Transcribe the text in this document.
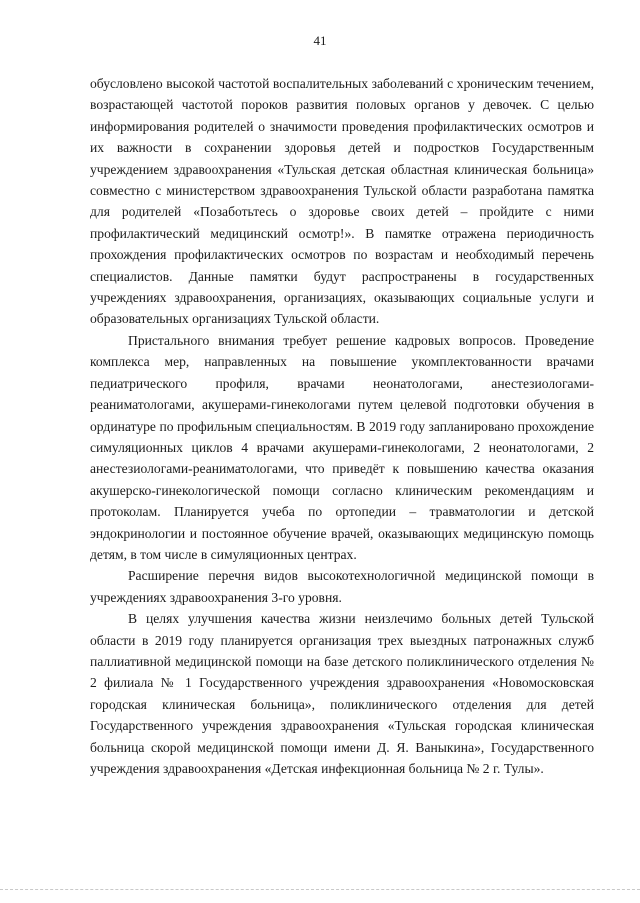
41

обусловлено высокой частотой воспалительных заболеваний с хроническим течением, возрастающей частотой пороков развития половых органов у девочек. С целью информирования родителей о значимости проведения профилактических осмотров и их важности в сохранении здоровья детей и подростков Государственным учреждением здравоохранения «Тульская детская областная клиническая больница» совместно с министерством здравоохранения Тульской области разработана памятка для родителей «Позаботьтесь о здоровье своих детей – пройдите с ними профилактический медицинский осмотр!». В памятке отражена периодичность прохождения профилактических осмотров по возрастам и необходимый перечень специалистов. Данные памятки будут распространены в государственных учреждениях здравоохранения, организациях, оказывающих социальные услуги и образовательных организациях Тульской области.

Пристального внимания требует решение кадровых вопросов. Проведение комплекса мер, направленных на повышение укомплектованности врачами педиатрического профиля, врачами неонатологами, анестезиологами-реаниматологами, акушерами-гинекологами путем целевой подготовки обучения в ординатуре по профильным специальностям. В 2019 году запланировано прохождение симуляционных циклов 4 врачами акушерами-гинекологами, 2 неонатологами, 2 анестезиологами-реаниматологами, что приведёт к повышению качества оказания акушерско-гинекологической помощи согласно клиническим рекомендациям и протоколам. Планируется учеба по ортопедии – травматологии и детской эндокринологии и постоянное обучение врачей, оказывающих медицинскую помощь детям, в том числе в симуляционных центрах.

Расширение перечня видов высокотехнологичной медицинской помощи в учреждениях здравоохранения 3-го уровня.

В целях улучшения качества жизни неизлечимо больных детей Тульской области в 2019 году планируется организация трех выездных патронажных служб паллиативной медицинской помощи на базе детского поликлинического отделения № 2 филиала № 1 Государственного учреждения здравоохранения «Новомосковская городская клиническая больница», поликлинического отделения для детей Государственного учреждения здравоохранения «Тульская городская клиническая больница скорой медицинской помощи имени Д. Я. Ваныкина», Государственного учреждения здравоохранения «Детская инфекционная больница № 2 г. Тулы».
